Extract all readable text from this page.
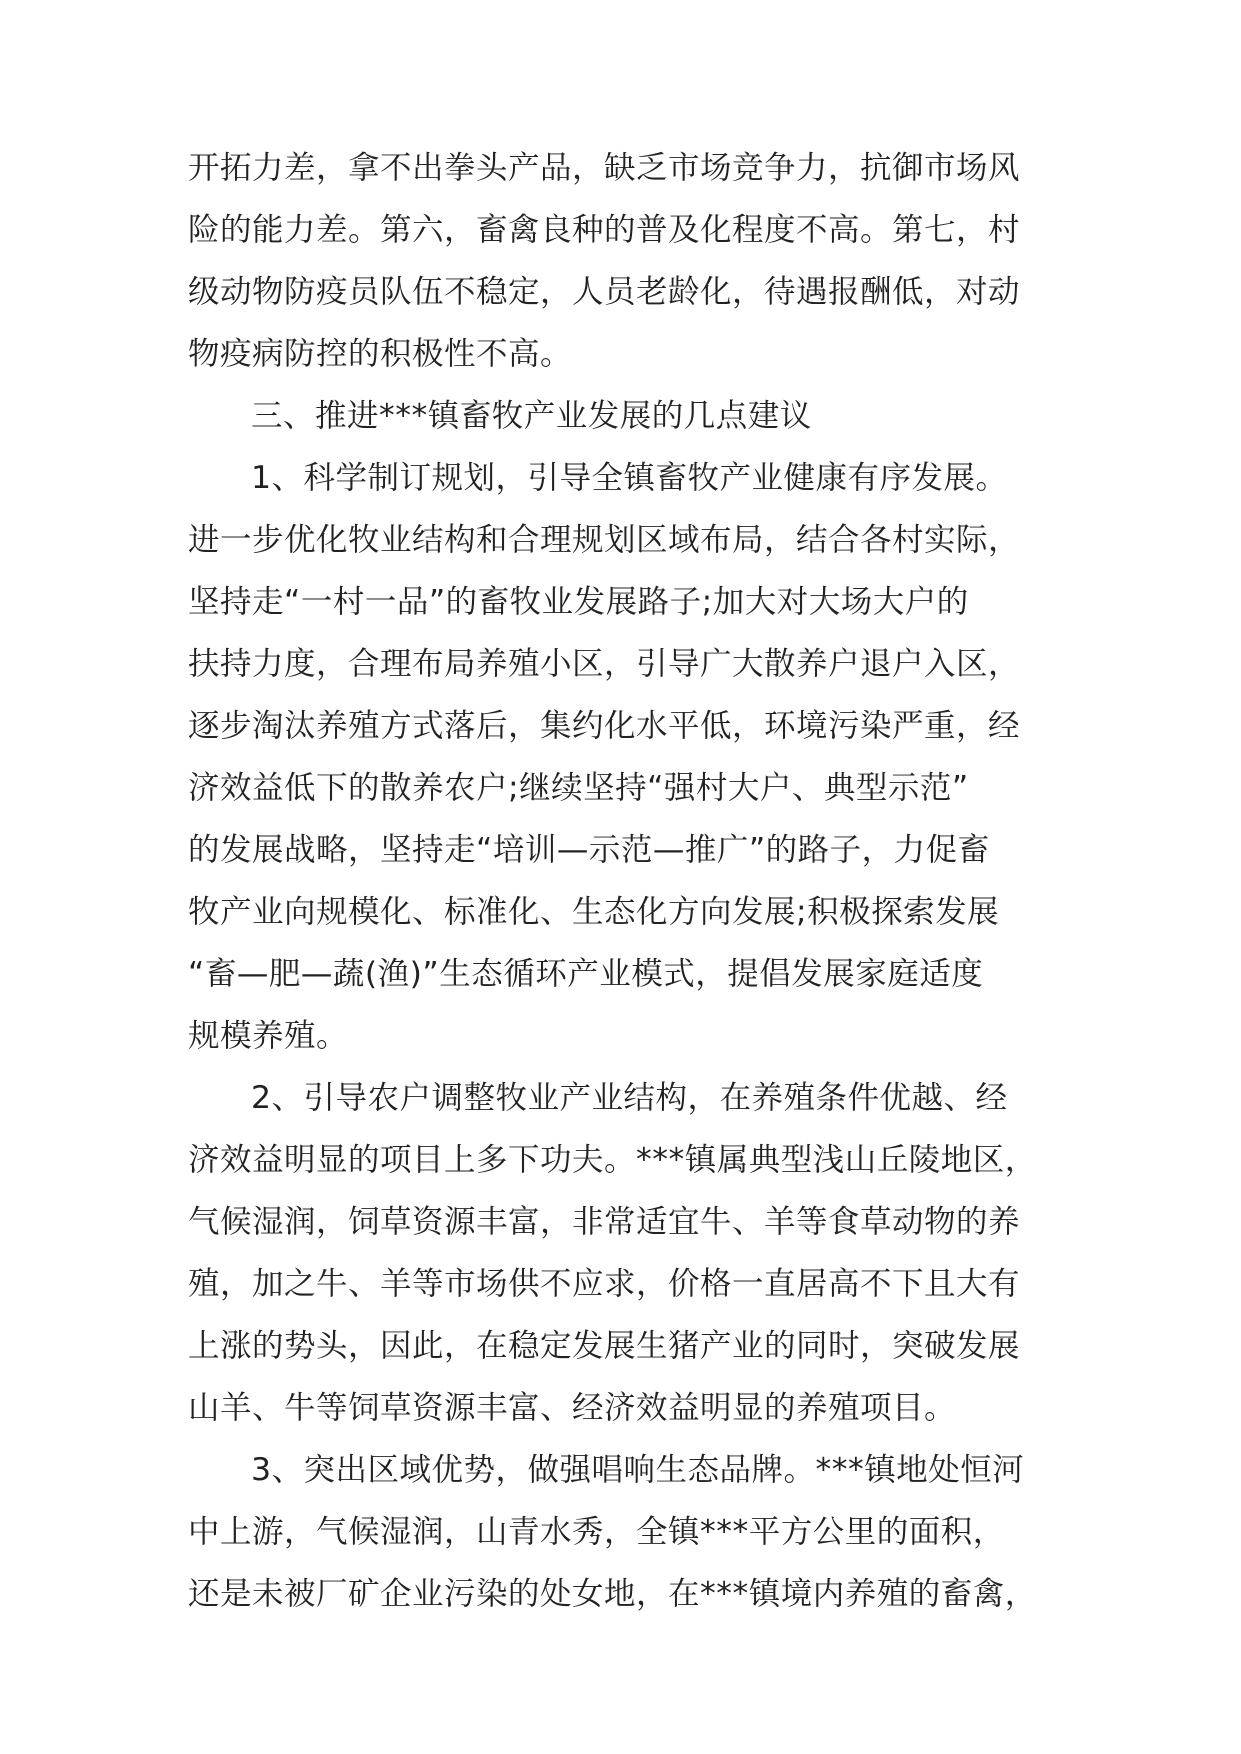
开拓力差，拿不出拳头产品，缺乏市场竞争力，抗御市场风
险的能力差。第六，畜禽良种的普及化程度不高。第七，村
级动物防疫员队伍不稳定，人员老龄化，待遇报酬低，对动
物疫病防控的积极性不高。
三、推进***镇畜牧产业发展的几点建议
1、科学制订规划，引导全镇畜牧产业健康有序发展。
进一步优化牧业结构和合理规划区域布局，结合各村实际，
坚持走“一村一品”的畜牧业发展路子;加大对大场大户的
扶持力度，合理布局养殖小区，引导广大散养户退户入区，
逐步淘汰养殖方式落后，集约化水平低，环境污染严重，经
济效益低下的散养农户;继续坚持“强村大户、典型示范”
的发展战略，坚持走“培训—示范—推广”的路子，力促畜
牧产业向规模化、标准化、生态化方向发展;积极探索发展
“畜—肥—蔬(渔)”生态循环产业模式，提倡发展家庭适度
规模养殖。
2、引导农户调整牧业产业结构，在养殖条件优越、经
济效益明显的项目上多下功夫。***镇属典型浅山丘陵地区，
气候湿润，饲草资源丰富，非常适宜牛、羊等食草动物的养
殖，加之牛、羊等市场供不应求，价格一直居高不下且大有
上涨的势头，因此，在稳定发展生猪产业的同时，突破发展
山羊、牛等饲草资源丰富、经济效益明显的养殖项目。
3、突出区域优势，做强唱响生态品牌。***镇地处恒河
中上游，气候湿润，山青水秀，全镇***平方公里的面积，
还是未被厂矿企业污染的处女地，在***镇境内养殖的畜禽，
